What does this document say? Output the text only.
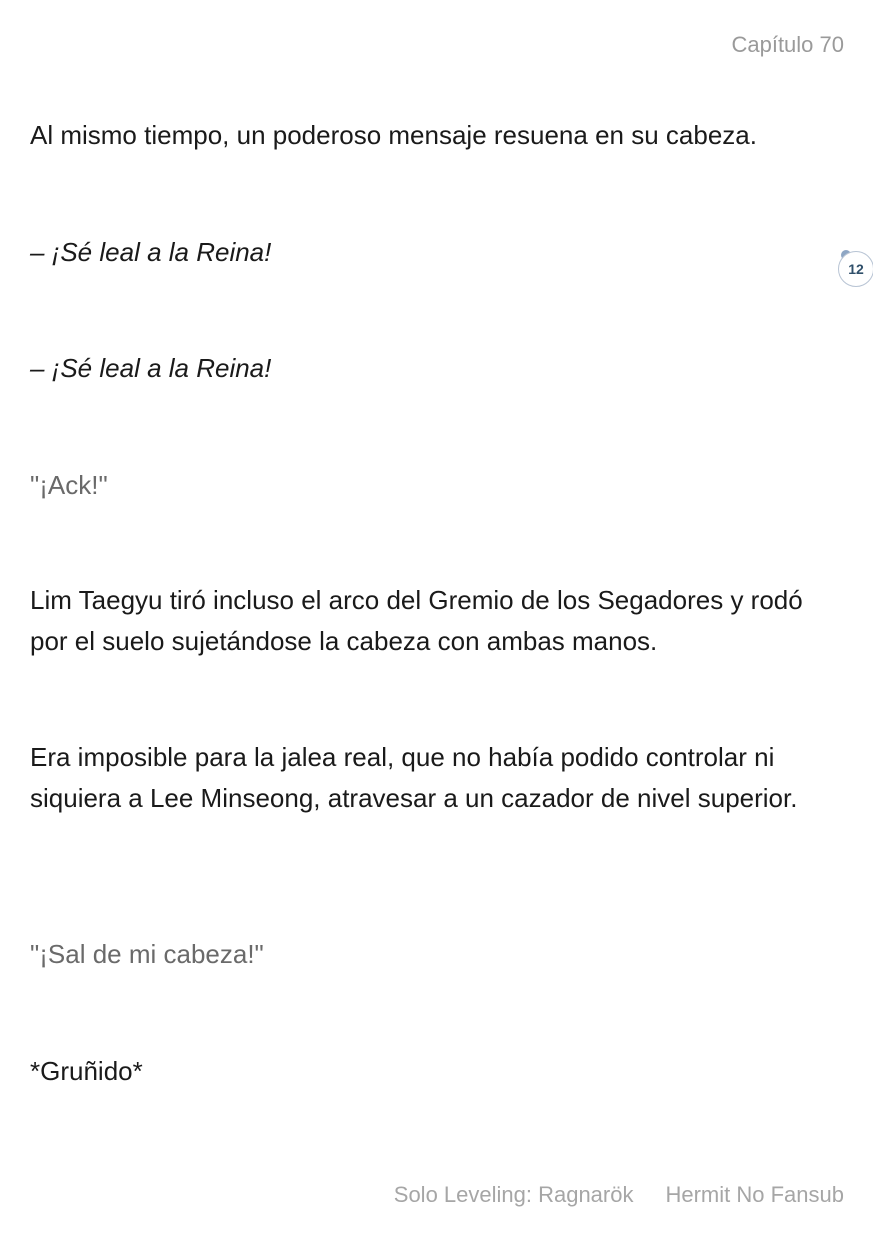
Capítulo 70

Al mismo tiempo, un poderoso mensaje resuena en su cabeza.

– ¡Sé leal a la Reina!

– ¡Sé leal a la Reina!

"¡Ack!"

Lim Taegyu tiró incluso el arco del Gremio de los Segadores y rodó por el suelo sujetándose la cabeza con ambas manos.

Era imposible para la jalea real, que no había podido controlar ni siquiera a Lee Minseong, atravesar a un cazador de nivel superior.

"¡Sal de mi cabeza!"

*Gruñido*

12
Solo Leveling: Ragnarök Hermit No Fansub
